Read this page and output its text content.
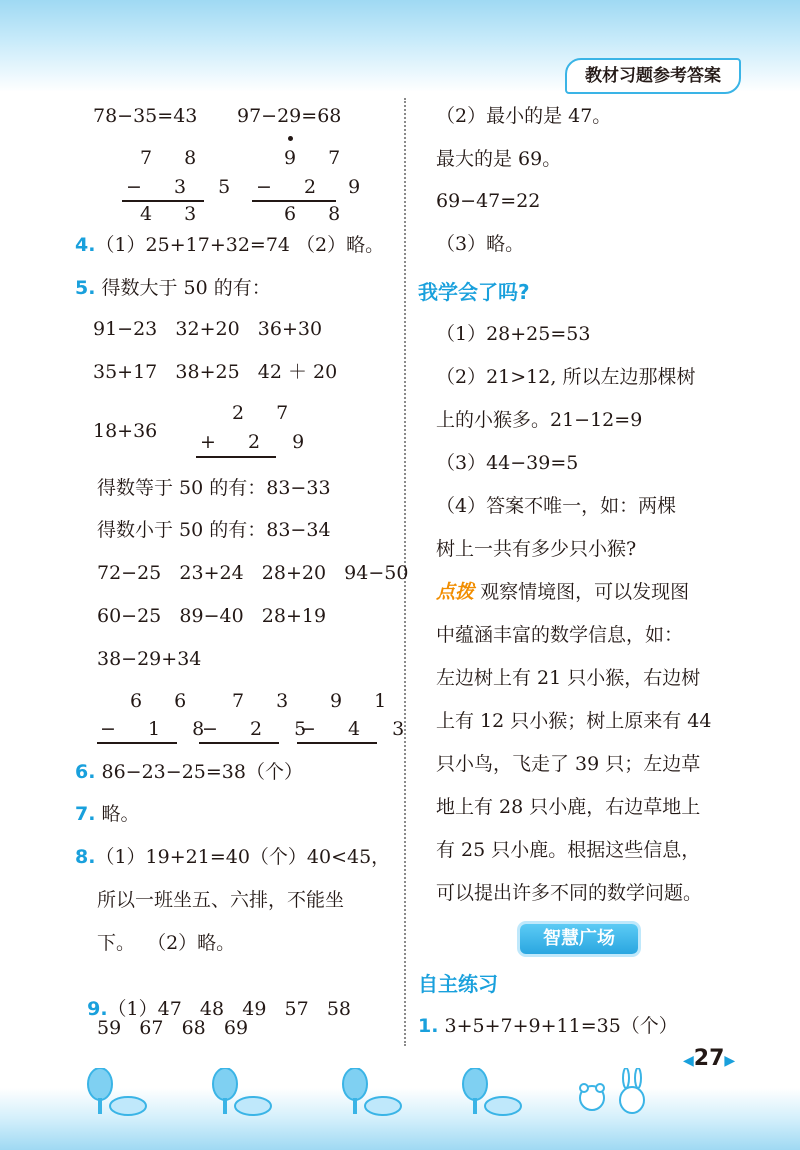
教材习题参考答案
78−35=43 97−29=68
7 8
− 3 5
4 3
9 7
− 2 9
6 8
4.（1）25+17+32=74 （2）略。
5. 得数大于 50 的有：
91−23   32+20   36+30
35+17   38+25   42 ＋ 20
18+36
2 7
+ 2 9
得数等于 50 的有：83−33
得数小于 50 的有：83−34
72−25   23+24   28+20   94−50
60−25   89−40   28+19
38−29+34
6 6
− 1 8
7 3
− 2 5
9 1
− 4 3
6. 86−23−25=38（个）
7. 略。
8.（1）19+21=40（个）40<45，
所以一班坐五、六排，不能坐
下。  （2）略。

9.（1）47   48   49   57   58

59   67   68   69
（2）最小的是 47。
最大的是 69。
69−47=22
（3）略。
我学会了吗?
（1）28+25=53
（2）21>12, 所以左边那棵树
上的小猴多。21−12=9
（3）44−39=5
（4）答案不唯一，如：两棵
树上一共有多少只小猴?
点拨 观察情境图，可以发现图
中蕴涵丰富的数学信息，如：
左边树上有 21 只小猴，右边树
上有 12 只小猴；树上原来有 44
只小鸟，飞走了 39 只；左边草
地上有 28 只小鹿，右边草地上
有 25 只小鹿。根据这些信息，
可以提出许多不同的数学问题。
智慧广场
自主练习
1. 3+5+7+9+11=35（个）
◀27▶
